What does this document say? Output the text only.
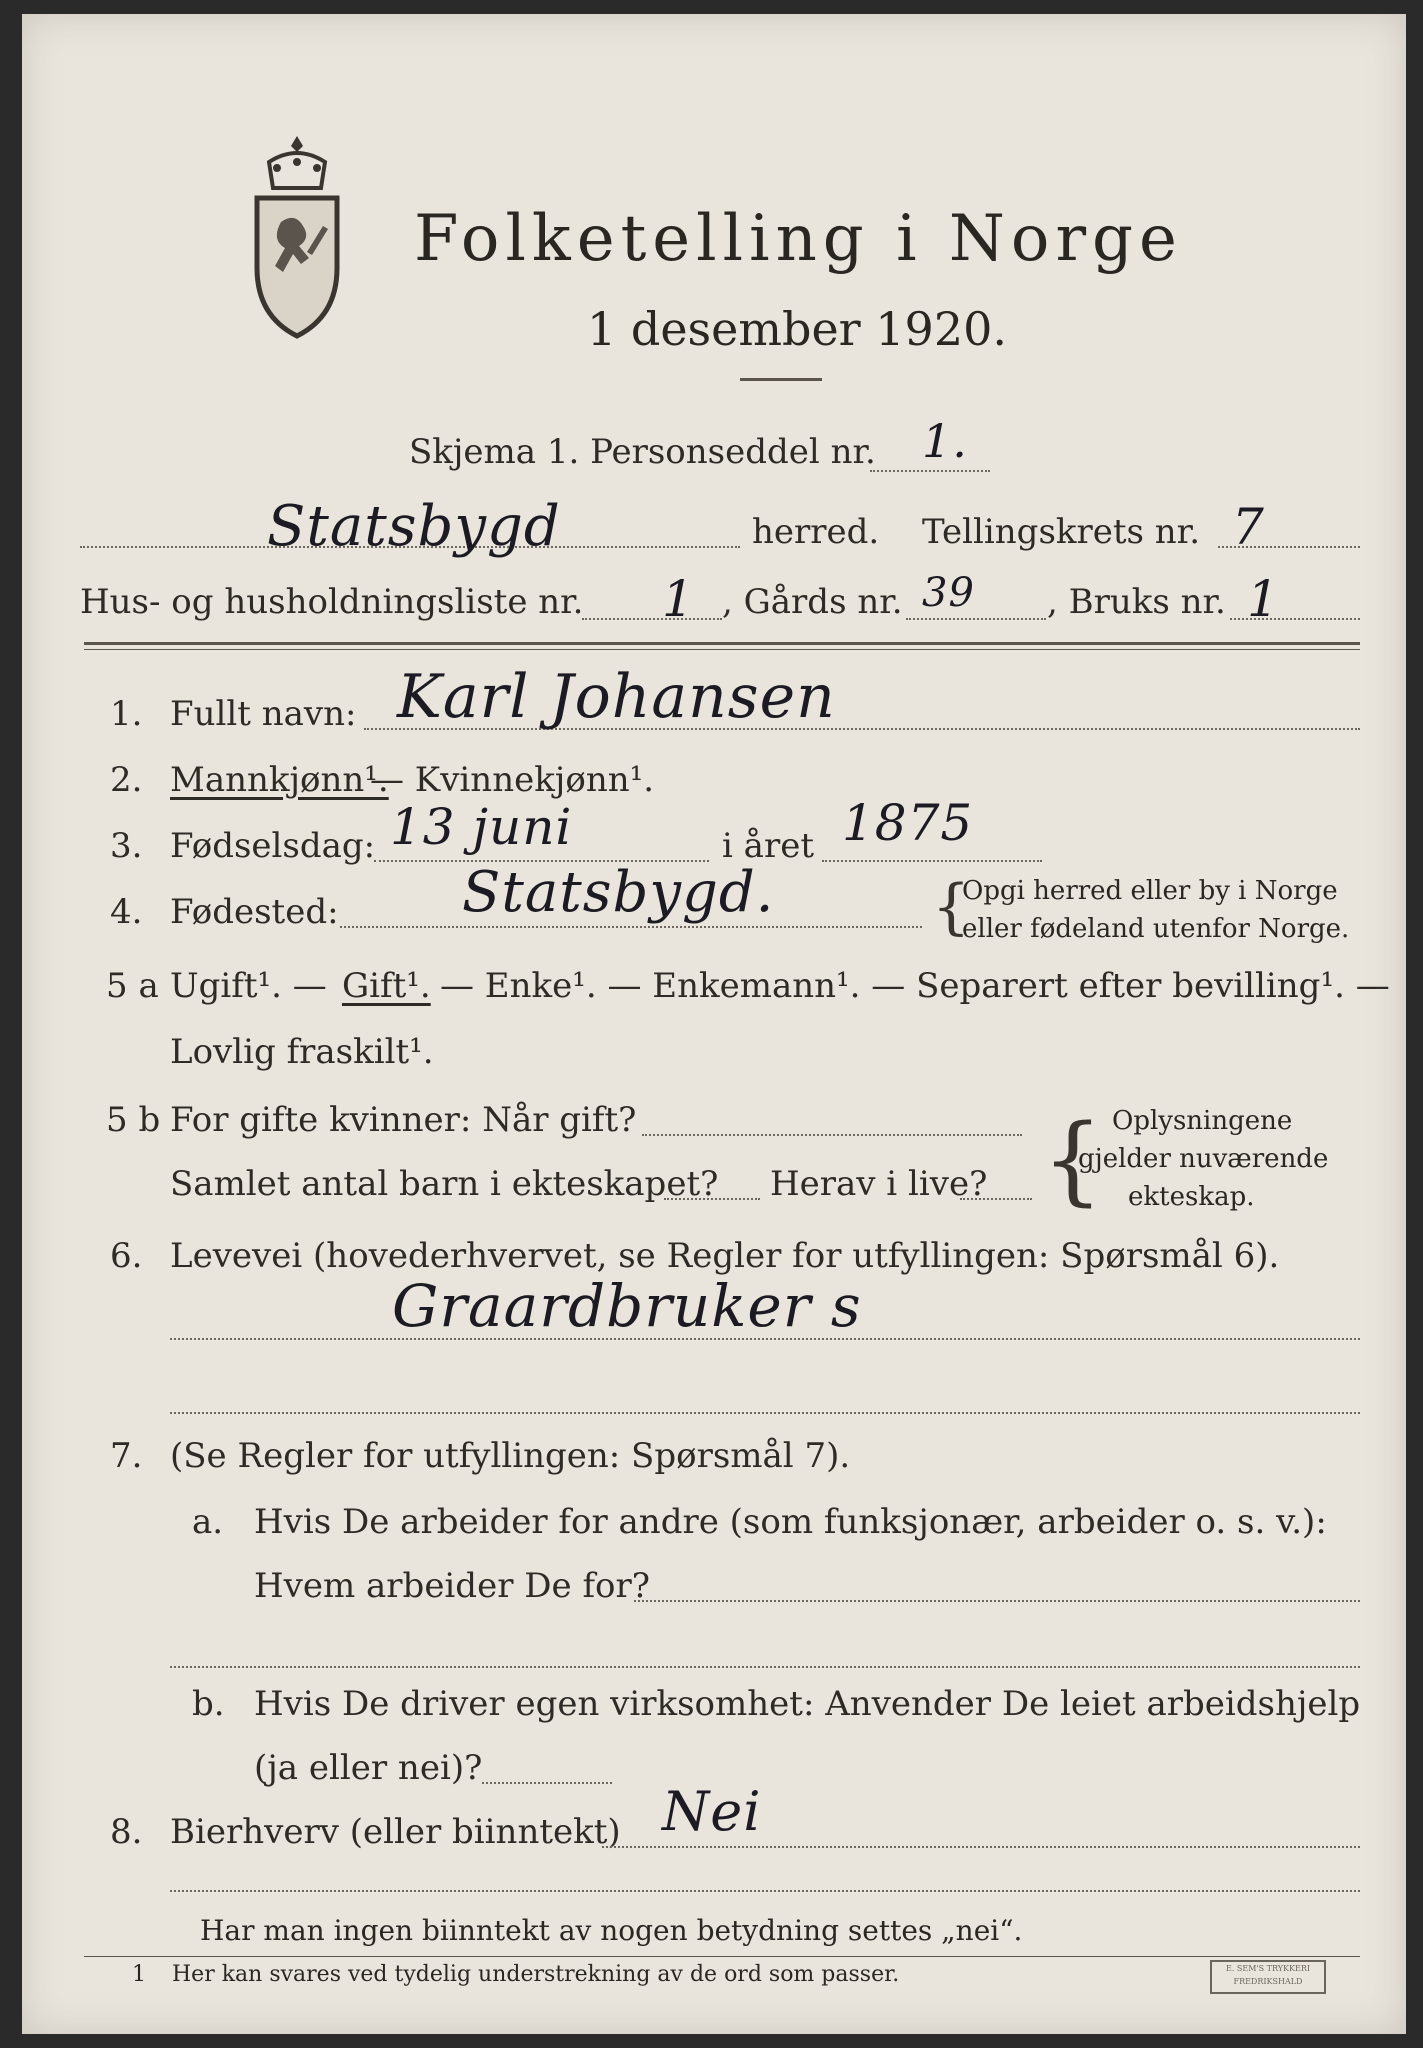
Folketelling i Norge
1 desember 1920.
Skjema 1. Personseddel nr. 1.
Statsbygd	herred. Tellingskrets nr. 7
Hus- og husholdningsliste nr. 1 , Gårds nr. 39 , Bruks nr. 1
1. Fullt navn: Karl Johansen
2. Mannkjønn¹.
— Kvinnekjønn¹.
3. Fødselsdag: 13 juni	i året 1875
4. Fødested: Statsbygd.	{
Opgi herred eller by i Norge
eller fødeland utenfor Norge.
5 a Ugift¹. — Gift¹. — Enke¹. — Enkemann¹. — Separert efter bevilling¹. —
Lovlig fraskilt¹.
5 b For gifte kvinner: Når gift?
Samlet antal barn i ekteskapet? Herav i live? { Oplysningene
gjelder nuværende
ekteskap.
6. Levevei (hovederhvervet, se Regler for utfyllingen: Spørsmål 6).
Graardbruker s
7. (Se Regler for utfyllingen: Spørsmål 7).
a. Hvis De arbeider for andre (som funksjonær, arbeider o. s. v.):
Hvem arbeider De for?
b. Hvis De driver egen virksomhet: Anvender De leiet arbeidshjelp
(ja eller nei)?
8. Bierhverv (eller biinntekt) Nei
Har man ingen biinntekt av nogen betydning settes „nei“.
1 Her kan svares ved tydelig understrekning av de ord som passer.	E. SEM'S TRYKKERI
FREDRIKSHALD
